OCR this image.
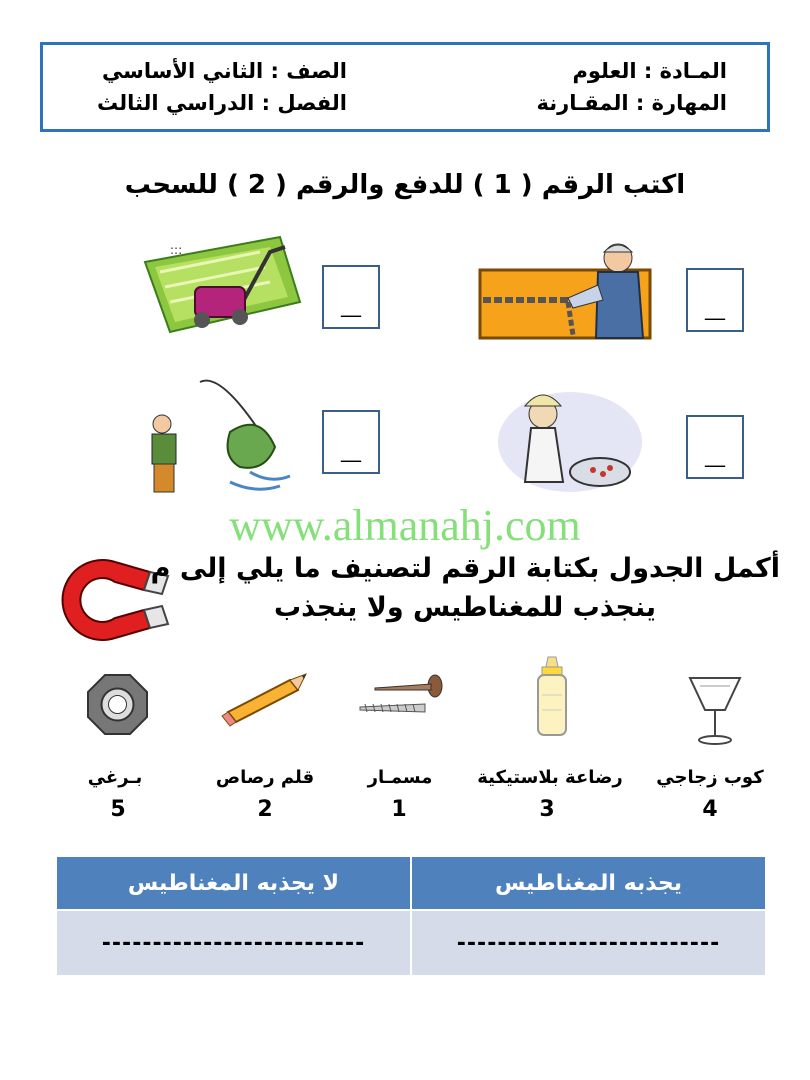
المـادة : العلوم
الصف : الثاني الأساسي
المهارة : المقـارنة
الفصل : الدراسي الثالث
اكتب الرقم ( 1 ) للدفع والرقم ( 2 ) للسحب
__	__
__	__
:::
www.almanahj.com
أكمل الجدول بكتابة الرقم لتصنيف ما يلي إلى م
ينجذب للمغناطيس ولا ينجذب
كوب زجاجي
رضاعة بلاستيكية
مسمـار
قلم رصاص
بـرغي
4
3
1
2
5
يجذبه المغناطيس	لا يجذبه المغناطيس
--------------------------	--------------------------
